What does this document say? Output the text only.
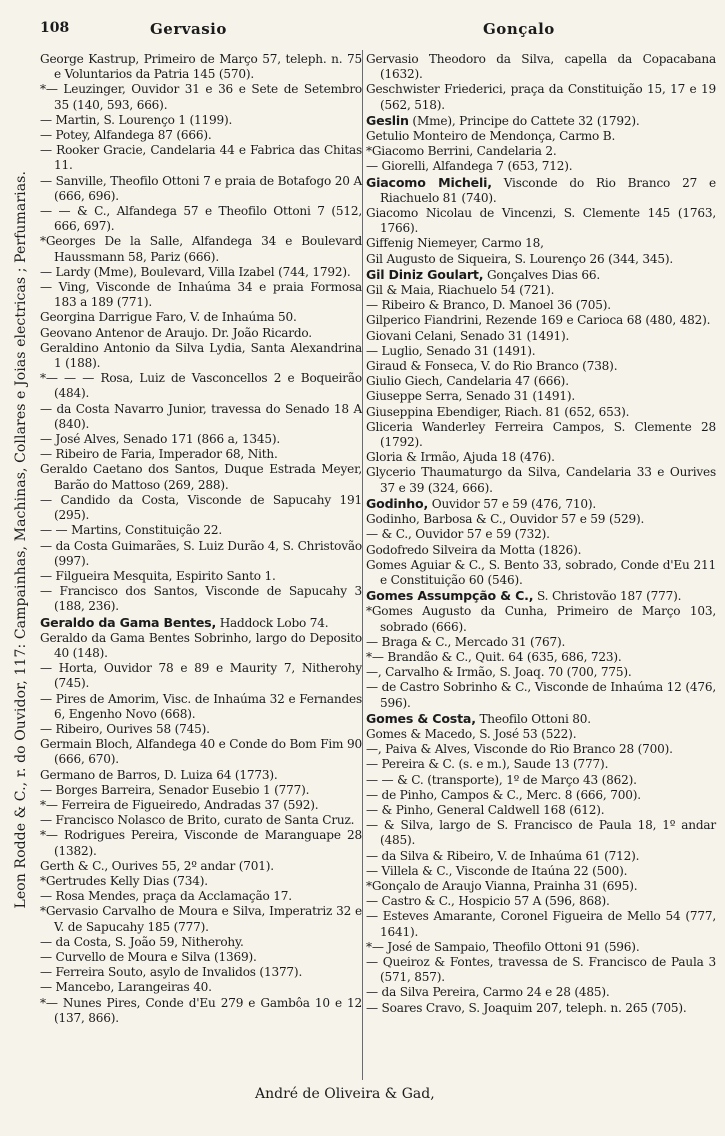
108	Gervasio	Gonçalo
Leon Rodde & C., r. do Ouvidor, 117: Campainhas, Machinas, Collares e Joias electricas ; Perfumarias.

George Kastrup, Primeiro de Março 57, teleph. n. 75 e Voluntarios da Patria 145 (570).

*— Leuzinger, Ouvidor 31 e 36 e Sete de Setembro 35 (140, 593, 666).

— Martin, S. Lourenço 1 (1199).

— Potey, Alfandega 87 (666).

— Rooker Gracie, Candelaria 44 e Fabrica das Chitas 11.

— Sanville, Theofilo Ottoni 7 e praia de Botafogo 20 A (666, 696).

— — & C., Alfandega 57 e Theofilo Ottoni 7 (512, 666, 697).

*Georges De la Salle, Alfandega 34 e Boulevard Haussmann 58, Pariz (666).

— Lardy (Mme), Boulevard, Villa Izabel (744, 1792).

— Ving, Visconde de Inhaúma 34 e praia Formosa 183 a 189 (771).

Georgina Darrigue Faro, V. de Inhaúma 50.

Geovano Antenor de Araujo. Dr. João Ricardo.

Geraldino Antonio da Silva Lydia, Santa Alexandrina 1 (188).

*— — — Rosa, Luiz de Vasconcellos 2 e Boqueirão (484).

— da Costa Navarro Junior, travessa do Senado 18 A (840).

— José Alves, Senado 171 (866 a, 1345).

— Ribeiro de Faria, Imperador 68, Nith.

Geraldo Caetano dos Santos, Duque Estrada Meyer, Barão do Mattoso (269, 288).

— Candido da Costa, Visconde de Sapucahy 191 (295).

— — Martins, Constituição 22.

— da Costa Guimarães, S. Luiz Durão 4, S. Christovão (997).

— Filgueira Mesquita, Espirito Santo 1.

— Francisco dos Santos, Visconde de Sapucahy 3 (188, 236).

Geraldo da Gama Bentes, Haddock Lobo 74.

Geraldo da Gama Bentes Sobrinho, largo do Deposito 40 (148).

— Horta, Ouvidor 78 e 89 e Maurity 7, Nitherohy (745).

— Pires de Amorim, Visc. de Inhaúma 32 e Fernandes 6, Engenho Novo (668).

— Ribeiro, Ourives 58 (745).

Germain Bloch, Alfandega 40 e Conde do Bom Fim 90 (666, 670).

Germano de Barros, D. Luiza 64 (1773).

— Borges Barreira, Senador Eusebio 1 (777).

*— Ferreira de Figueiredo, Andradas 37 (592).

— Francisco Nolasco de Brito, curato de Santa Cruz.

*— Rodrigues Pereira, Visconde de Maranguape 28 (1382).

Gerth & C., Ourives 55, 2º andar (701).

*Gertrudes Kelly Dias (734).

— Rosa Mendes, praça da Acclamação 17.

*Gervasio Carvalho de Moura e Silva, Imperatriz 32 e V. de Sapucahy 185 (777).

— da Costa, S. João 59, Nitherohy.

— Curvello de Moura e Silva (1369).

— Ferreira Souto, asylo de Invalidos (1377).

— Mancebo, Larangeiras 40.

*— Nunes Pires, Conde d'Eu 279 e Gambôa 10 e 12 (137, 866).

Gervasio Theodoro da Silva, capella da Copacabana (1632).

Geschwister Friederici, praça da Constituição 15, 17 e 19 (562, 518).

Geslin (Mme), Principe do Cattete 32 (1792).

Getulio Monteiro de Mendonça, Carmo B.

*Giacomo Berrini, Candelaria 2.

— Giorelli, Alfandega 7 (653, 712).

Giacomo Micheli, Visconde do Rio Branco 27 e Riachuelo 81 (740).

Giacomo Nicolau de Vincenzi, S. Clemente 145 (1763, 1766).

Giffenig Niemeyer, Carmo 18,

Gil Augusto de Siqueira, S. Lourenço 26 (344, 345).

Gil Diniz Goulart, Gonçalves Dias 66.

Gil & Maia, Riachuelo 54 (721).

— Ribeiro & Branco, D. Manoel 36 (705).

Gilperico Fiandrini, Rezende 169 e Carioca 68 (480, 482).

Giovani Celani, Senado 31 (1491).

— Luglio, Senado 31 (1491).

Giraud & Fonseca, V. do Rio Branco (738).

Giulio Giech, Candelaria 47 (666).

Giuseppe Serra, Senado 31 (1491).

Giuseppina Ebendiger, Riach. 81 (652, 653).

Gliceria Wanderley Ferreira Campos, S. Clemente 28 (1792).

Gloria & Irmão, Ajuda 18 (476).

Glycerio Thaumaturgo da Silva, Candelaria 33 e Ourives 37 e 39 (324, 666).

Godinho, Ouvidor 57 e 59 (476, 710).

Godinho, Barbosa & C., Ouvidor 57 e 59 (529).

— & C., Ouvidor 57 e 59 (732).

Godofredo Silveira da Motta (1826).

Gomes Aguiar & C., S. Bento 33, sobrado, Conde d'Eu 211 e Constituição 60 (546).

Gomes Assumpção & C., S. Christovão 187 (777).

*Gomes Augusto da Cunha, Primeiro de Março 103, sobrado (666).

— Braga & C., Mercado 31 (767).

*— Brandão & C., Quit. 64 (635, 686, 723).

—, Carvalho & Irmão, S. Joaq. 70 (700, 775).

— de Castro Sobrinho & C., Visconde de Inhaúma 12 (476, 596).

Gomes & Costa, Theofilo Ottoni 80.

Gomes & Macedo, S. José 53 (522).

—, Paiva & Alves, Visconde do Rio Branco 28 (700).

— Pereira & C. (s. e m.), Saude 13 (777).

— — & C. (transporte), 1º de Março 43 (862).

— de Pinho, Campos & C., Merc. 8 (666, 700).

— & Pinho, General Caldwell 168 (612).

— & Silva, largo de S. Francisco de Paula 18, 1º andar (485).

— da Silva & Ribeiro, V. de Inhaúma 61 (712).

— Villela & C., Visconde de Itaúna 22 (500).

*Gonçalo de Araujo Vianna, Prainha 31 (695).

— Castro & C., Hospicio 57 A (596, 868).

— Esteves Amarante, Coronel Figueira de Mello 54 (777, 1641).

*— José de Sampaio, Theofilo Ottoni 91 (596).

— Queiroz & Fontes, travessa de S. Francisco de Paula 3 (571, 857).

— da Silva Pereira, Carmo 24 e 28 (485).

— Soares Cravo, S. Joaquim 207, teleph. n. 265 (705).

André de Oliveira & Gad,
